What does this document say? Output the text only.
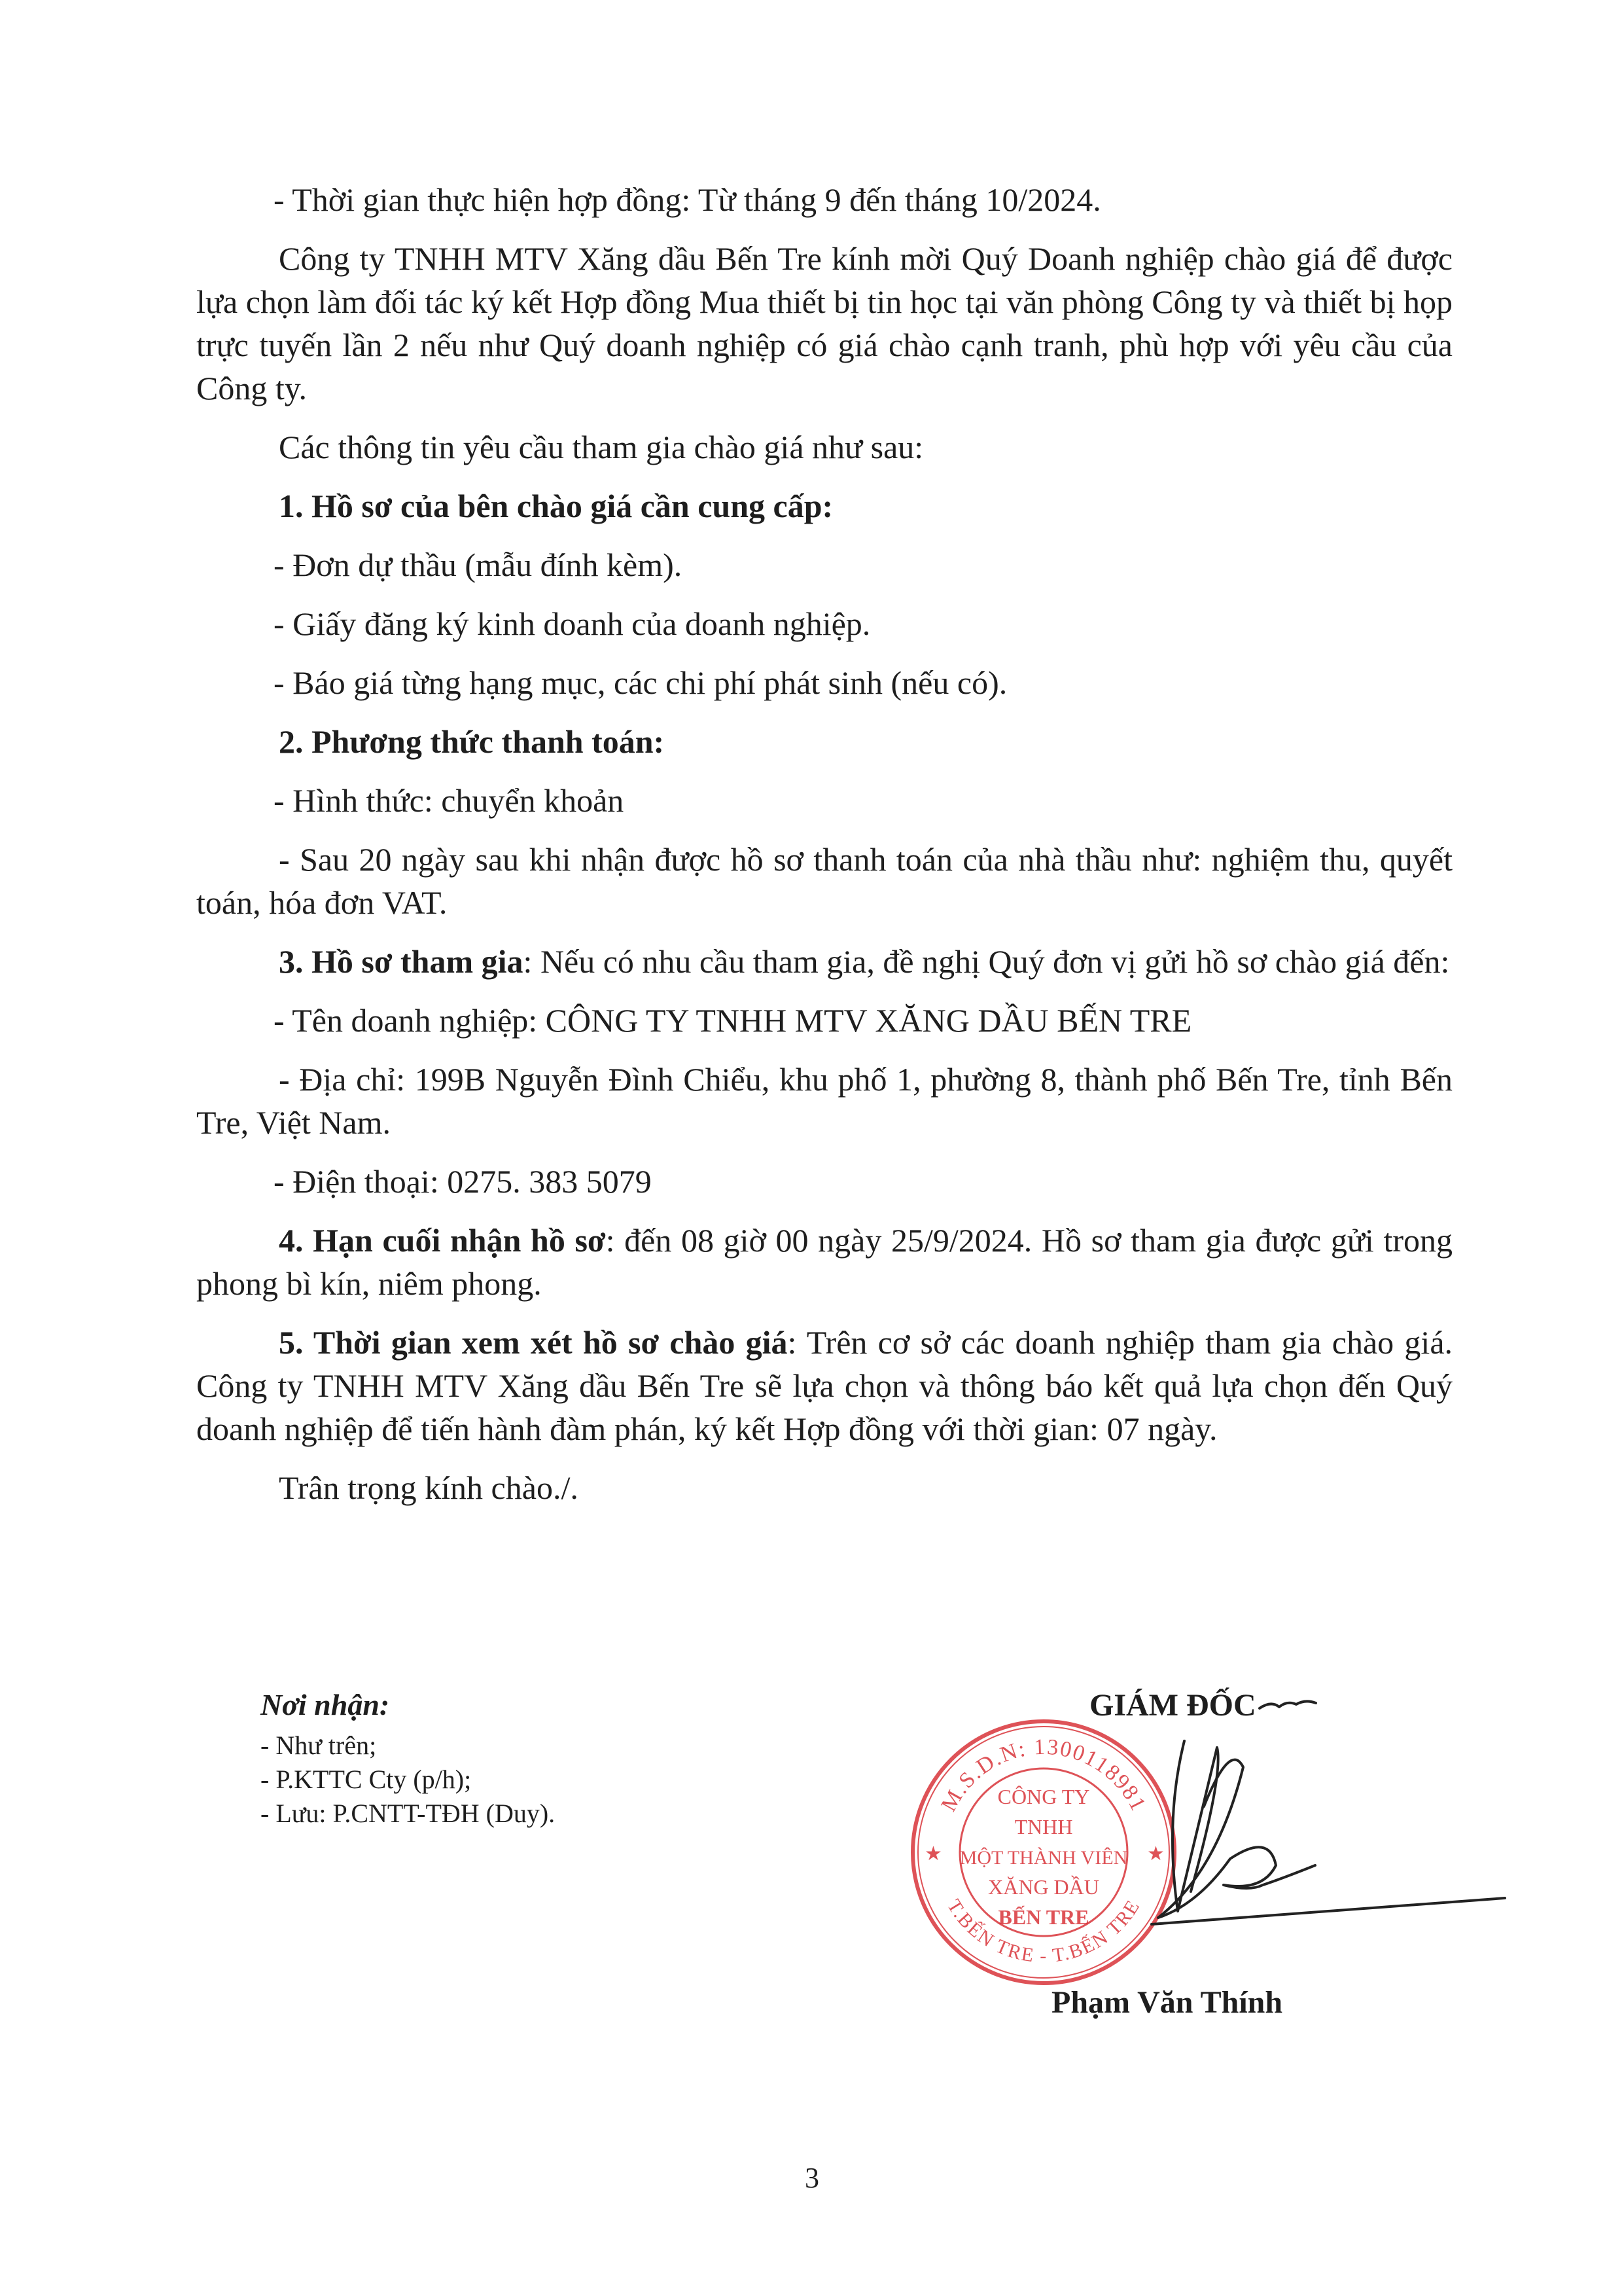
- Thời gian thực hiện hợp đồng: Từ tháng 9 đến tháng 10/2024.

Công ty TNHH MTV Xăng dầu Bến Tre kính mời Quý Doanh nghiệp chào giá để được lựa chọn làm đối tác ký kết Hợp đồng Mua thiết bị tin học tại văn phòng Công ty và thiết bị họp trực tuyến lần 2 nếu như Quý doanh nghiệp có giá chào cạnh tranh, phù hợp với yêu cầu của Công ty.

Các thông tin yêu cầu tham gia chào giá như sau:

1. Hồ sơ của bên chào giá cần cung cấp:

- Đơn dự thầu (mẫu đính kèm).

- Giấy đăng ký kinh doanh của doanh nghiệp.

- Báo giá từng hạng mục, các chi phí phát sinh (nếu có).

2. Phương thức thanh toán:

- Hình thức: chuyển khoản

- Sau 20 ngày sau khi nhận được hồ sơ thanh toán của nhà thầu như: nghiệm thu, quyết toán, hóa đơn VAT.

3. Hồ sơ tham gia: Nếu có nhu cầu tham gia, đề nghị Quý đơn vị gửi hồ sơ chào giá đến:

- Tên doanh nghiệp: CÔNG TY TNHH MTV XĂNG DẦU BẾN TRE

- Địa chỉ: 199B Nguyễn Đình Chiểu, khu phố 1, phường 8, thành phố Bến Tre, tỉnh Bến Tre, Việt Nam.

- Điện thoại: 0275. 383 5079

4. Hạn cuối nhận hồ sơ: đến 08 giờ 00 ngày 25/9/2024. Hồ sơ tham gia được gửi trong phong bì kín, niêm phong.

5. Thời gian xem xét hồ sơ chào giá: Trên cơ sở các doanh nghiệp tham gia chào giá. Công ty TNHH MTV Xăng dầu Bến Tre sẽ lựa chọn và thông báo kết quả lựa chọn đến Quý doanh nghiệp để tiến hành đàm phán, ký kết Hợp đồng với thời gian: 07 ngày.

Trân trọng kính chào./.

Nơi nhận:
- Như trên;
- P.KTTC Cty (p/h);
- Lưu: P.CNTT-TĐH (Duy).
GIÁM ĐỐC
M.S.D.N: 1300118981
T.BẾN TRE - T.BẾN TRE
CÔNG TY
TNHH
MỘT THÀNH VIÊN
XĂNG DẦU
BẾN TRE
★	★
Phạm Văn Thính
3
